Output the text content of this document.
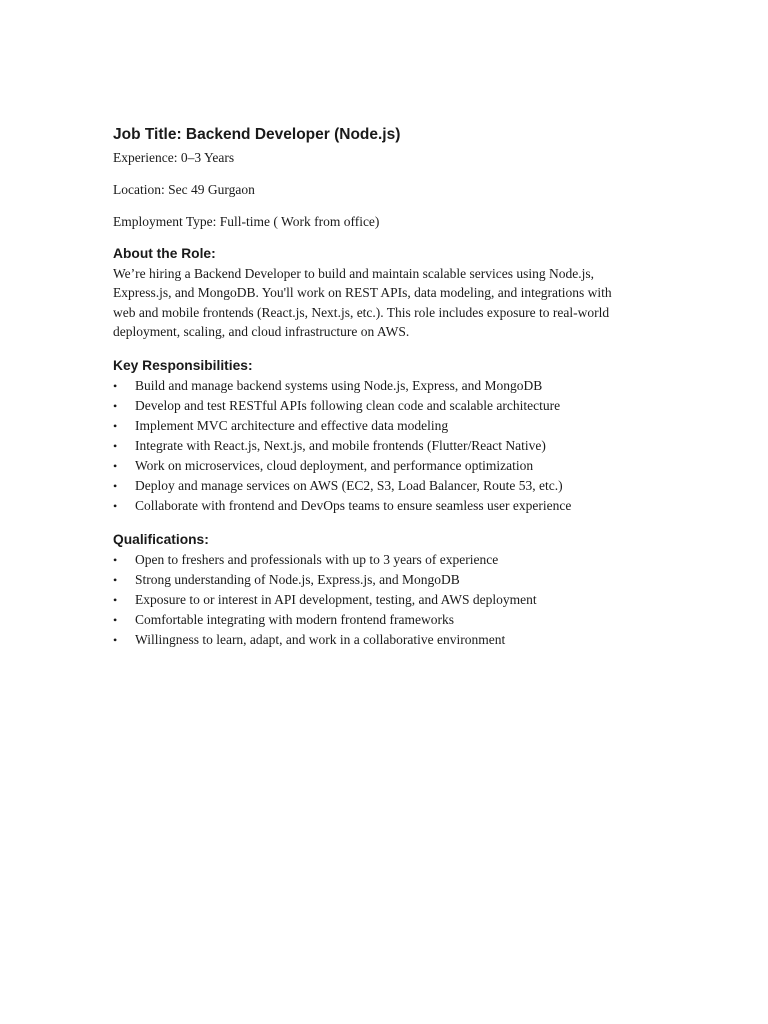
Job Title: Backend Developer (Node.js)

Experience: 0–3 Years

Location: Sec 49 Gurgaon

Employment Type: Full-time ( Work from office)

About the Role:

We’re hiring a Backend Developer to build and maintain scalable services using Node.js,
Express.js, and MongoDB. You'll work on REST APIs, data modeling, and integrations with
web and mobile frontends (React.js, Next.js, etc.). This role includes exposure to real-world
deployment, scaling, and cloud infrastructure on AWS.

Key Responsibilities:

• Build and manage backend systems using Node.js, Express, and MongoDB
• Develop and test RESTful APIs following clean code and scalable architecture
• Implement MVC architecture and effective data modeling
• Integrate with React.js, Next.js, and mobile frontends (Flutter/React Native)
• Work on microservices, cloud deployment, and performance optimization
• Deploy and manage services on AWS (EC2, S3, Load Balancer, Route 53, etc.)
• Collaborate with frontend and DevOps teams to ensure seamless user experience

Qualifications:

• Open to freshers and professionals with up to 3 years of experience
• Strong understanding of Node.js, Express.js, and MongoDB
• Exposure to or interest in API development, testing, and AWS deployment
• Comfortable integrating with modern frontend frameworks
• Willingness to learn, adapt, and work in a collaborative environment
